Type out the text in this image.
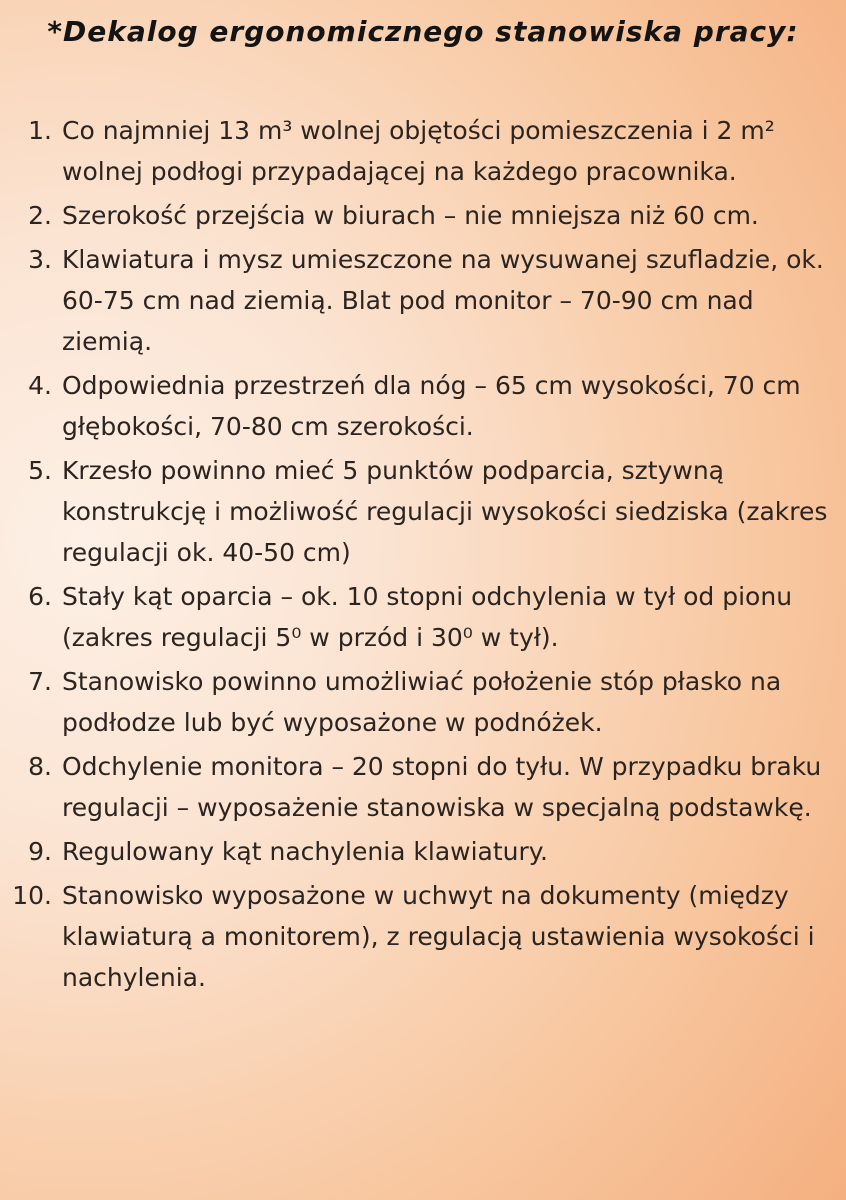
*Dekalog ergonomicznego stanowiska pracy:
1. Co najmniej 13 m³ wolnej objętości pomieszczenia i 2 m² wolnej podłogi przypadającej na każdego pracownika.
2. Szerokość przejścia w biurach – nie mniejsza niż 60 cm.
3. Klawiatura i mysz umieszczone na wysuwanej szufladzie, ok. 60-75 cm nad ziemią. Blat pod monitor – 70-90 cm nad ziemią.
4. Odpowiednia przestrzeń dla nóg – 65 cm wysokości, 70 cm głębokości, 70-80 cm szerokości.
5. Krzesło powinno mieć 5 punktów podparcia, sztywną konstrukcję i możliwość regulacji wysokości siedziska (zakres regulacji ok. 40-50 cm)
6. Stały kąt oparcia – ok. 10 stopni odchylenia w tył od pionu (zakres regulacji 5⁰ w przód i 30⁰ w tył).
7. Stanowisko powinno umożliwiać położenie stóp płasko na podłodze lub być wyposażone w podnóżek.
8. Odchylenie monitora – 20 stopni do tyłu. W przypadku braku regulacji – wyposażenie stanowiska w specjalną podstawkę.
9. Regulowany kąt nachylenia klawiatury.
10. Stanowisko wyposażone w uchwyt na dokumenty (między klawiaturą a monitorem), z regulacją ustawienia wysokości i nachylenia.
